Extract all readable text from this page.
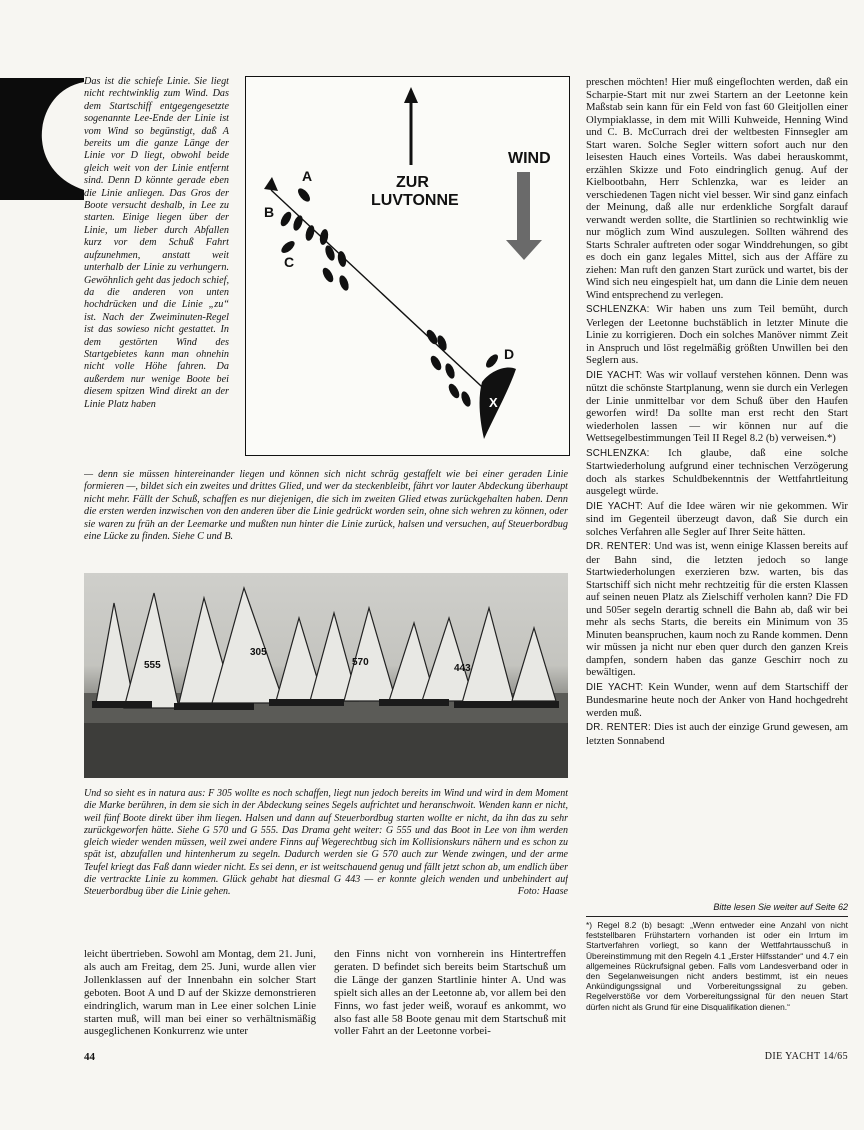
Das ist die schiefe Linie. Sie liegt nicht rechtwinklig zum Wind. Das dem Startschiff entgegengesetzte sogenannte Lee-Ende der Linie ist vom Wind so begünstigt, daß A bereits um die ganze Länge der Linie vor D liegt, obwohl beide gleich weit von der Linie entfernt sind. Denn D könnte gerade eben die Linie anliegen. Das Gros der Boote versucht deshalb, in Lee zu starten. Einige liegen über der Linie, um lieber durch Abfallen kurz vor dem Schuß Fahrt aufzunehmen, anstatt weit unterhalb der Linie zu verhungern. Gewöhnlich geht das jedoch schief, da die anderen von unten hochdrücken und die Linie „zu“ ist. Nach der Zweiminuten-Regel ist das sowieso nicht gestattet. In dem gestörten Wind des Startgebietes kann man ohnehin nicht volle Höhe fahren. Da außerdem nur wenige Boote bei diesem spitzen Wind direkt an der Linie Platz haben

ZUR
LUVTONNE
WIND
A
B
C
D
X

— denn sie müssen hintereinander liegen und können sich nicht schräg gestaffelt wie bei einer geraden Linie formieren —, bildet sich ein zweites und drittes Glied, und wer da steckenbleibt, fährt vor lauter Abdeckung überhaupt nicht mehr. Fällt der Schuß, schaffen es nur diejenigen, die sich im zweiten Glied etwas zurückgehalten haben. Denn die ersten werden inzwischen von den anderen über die Linie gedrückt worden sein, ohne sich wehren zu können, oder sie waren zu früh an der Leemarke und mußten nun hinter die Linie zurück, halsen und versuchen, auf Steuerbordbug eine Lücke zu finden. Siehe C und B.

305
555	570
443

Und so sieht es in natura aus: F 305 wollte es noch schaffen, liegt nun jedoch bereits im Wind und wird in dem Moment die Marke berühren, in dem sie sich in der Abdeckung seines Segels aufrichtet und heranschwoit. Wenden kann er nicht, weil fünf Boote direkt über ihm liegen. Halsen und dann auf Steuerbordbug starten wollte er nicht, da ihn das zu sehr zurückgeworfen hätte. Siehe G 570 und G 555. Das Drama geht weiter: G 555 und das Boot in Lee von ihm werden gleich wieder wenden müssen, weil zwei andere Finns auf Wegerechtbug sich im Kollisionskurs nähern und es schon zu spät ist, abzufallen und hintenherum zu segeln. Dadurch werden sie G 570 auch zur Wende zwingen, und der arme Teufel kriegt das Faß dann wieder nicht. Es sei denn, er ist weitschauend genug und fällt jetzt schon ab, um endlich über die vertrackte Linie zu kommen. Glück gehabt hat diesmal G 443 — er konnte gleich wenden und unbehindert auf Steuerbordbug über die Linie gehen.	Foto: Haase

leicht übertrieben. Sowohl am Montag, dem 21. Juni, als auch am Freitag, dem 25. Juni, wurde allen vier Jollenklassen auf der Innenbahn ein solcher Start geboten. Boot A und D auf der Skizze demonstrieren eindringlich, warum man in Lee einer solchen Linie starten muß, will man bei einer so verhältnismäßig ausgeglichenen Konkurrenz wie unter

den Finns nicht von vornherein ins Hintertreffen geraten. D befindet sich bereits beim Startschuß um die Länge der ganzen Startlinie hinter A. Und was spielt sich alles an der Leetonne ab, vor allem bei den Finns, wo fast jeder weiß, worauf es ankommt, wo also fast alle 58 Boote genau mit dem Startschuß mit voller Fahrt an der Leetonne vorbei-

preschen möchten! Hier muß eingeflochten werden, daß ein Scharpie-Start mit nur zwei Startern an der Leetonne kein Maßstab sein kann für ein Feld von fast 60 Gleitjollen einer Olympiaklasse, in dem mit Willi Kuhweide, Henning Wind und C. B. McCurrach drei der weltbesten Finnsegler am Start waren. Solche Segler wittern sofort auch nur den leisesten Hauch eines Vorteils. Was dabei herauskommt, erzählen Skizze und Foto eindringlich genug. Auf der Kielbootbahn, Herr Schlenzka, war es leider an verschiedenen Tagen nicht viel besser. Wir sind ganz einfach der Meinung, daß alle nur erdenkliche Sorgfalt darauf verwandt werden sollte, die Startlinien so rechtwinklig wie nur möglich zum Wind auszulegen. Sollten während des Starts Schraler auftreten oder sogar Winddrehungen, so gibt es doch ein ganz legales Mittel, sich aus der Affäre zu ziehen: Man ruft den ganzen Start zurück und wartet, bis der Wind sich neu eingespielt hat, um dann die Linie dem neuen Wind entsprechend zu verlegen.

SCHLENZKA: Wir haben uns zum Teil bemüht, durch Verlegen der Leetonne buchstäblich in letzter Minute die Linie zu korrigieren. Doch ein solches Manöver nimmt Zeit in Anspruch und löst regelmäßig größten Unwillen bei den Seglern aus.

DIE YACHT: Was wir vollauf verstehen können. Denn was nützt die schönste Startplanung, wenn sie durch ein Verlegen der Linie unmittelbar vor dem Schuß über den Haufen geworfen wird! Da sollte man erst recht den Start wiederholen lassen — wir können nur auf die Wettsegelbestimmungen Teil II Regel 8.2 (b) verweisen.*)

SCHLENZKA: Ich glaube, daß eine solche Startwiederholung aufgrund einer technischen Verzögerung doch als starkes Schuldbekenntnis der Wettfahrtleitung ausgelegt würde.

DIE YACHT: Auf die Idee wären wir nie gekommen. Wir sind im Gegenteil überzeugt davon, daß Sie durch ein solches Verfahren alle Segler auf Ihrer Seite hätten.

DR. RENTER: Und was ist, wenn einige Klassen bereits auf der Bahn sind, die letzten jedoch so lange Startwiederholungen exerzieren bzw. warten, bis das Startschiff sich nicht mehr rechtzeitig für die ersten Klassen auf seinen neuen Platz als Zielschiff verholen kann? Die FD und 505er segeln derartig schnell die Bahn ab, daß wir bei mehr als sechs Starts, die bereits ein Minimum von 35 Minuten beanspruchen, kaum noch zu Rande kommen. Denn wir müssen ja nicht nur eben quer durch den ganzen Kreis dampfen, sondern haben das ganze Geschirr noch zu bewältigen.

DIE YACHT: Kein Wunder, wenn auf dem Startschiff der Bundesmarine heute noch der Anker von Hand hochgedreht werden muß.

DR. RENTER: Dies ist auch der einzige Grund gewesen, am letzten Sonnabend

Bitte lesen Sie weiter auf Seite 62

*) Regel 8.2 (b) besagt: „Wenn entweder eine Anzahl von nicht feststellbaren Frühstartern vorhanden ist oder ein Irrtum im Startverfahren vorliegt, so kann der Wettfahrtausschuß in Übereinstimmung mit den Regeln 4.1 „Erster Hilfsstander“ und 4.7 ein allgemeines Rückrufsignal geben. Falls vom Landesverband oder in den Segelanweisungen nicht anders bestimmt, ist ein neues Ankündigungssignal und Vorbereitungssignal zu geben. Regelverstöße vor dem Vorbereitungssignal für den neuen Start dürfen nicht als Grund für eine Disqualifikation dienen.“

44	DIE YACHT 14/65
